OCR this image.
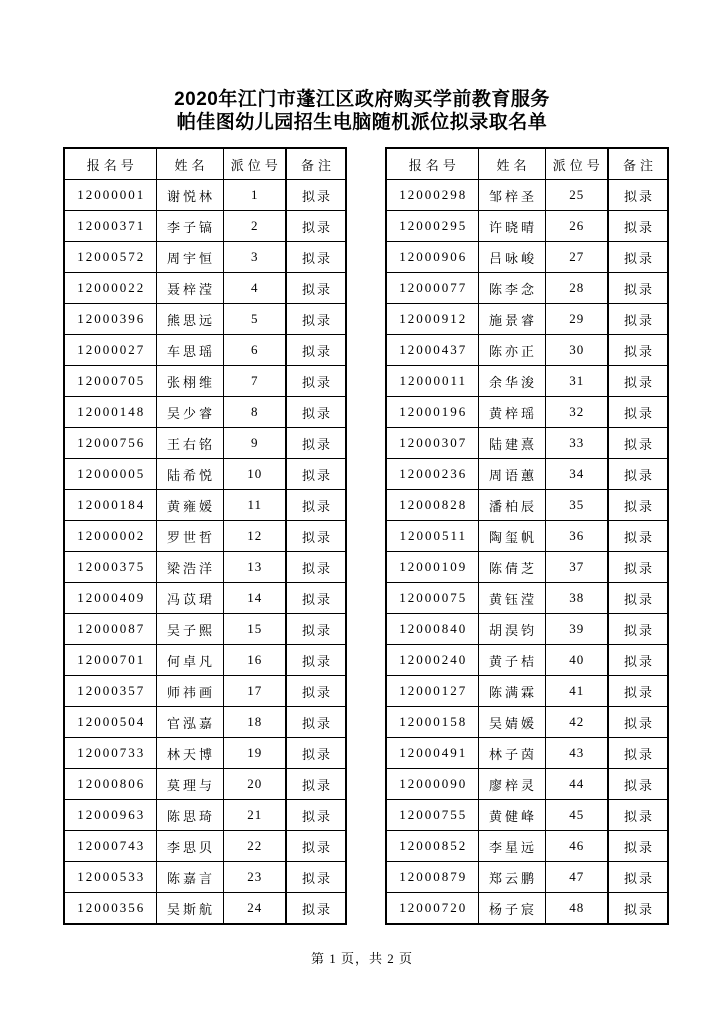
2020年江门市蓬江区政府购买学前教育服务
帕佳图幼儿园招生电脑随机派位拟录取名单
报名号	姓名	派位号	备注
12000001	谢悦林	1	拟录
12000371	李子镐	2	拟录
12000572	周宇恒	3	拟录
12000022	聂梓滢	4	拟录
12000396	熊思远	5	拟录
12000027	车思瑶	6	拟录
12000705	张栩维	7	拟录
12000148	吴少睿	8	拟录
12000756	王右铭	9	拟录
12000005	陆希悦	10	拟录
12000184	黄雍媛	11	拟录
12000002	罗世哲	12	拟录
12000375	梁浩洋	13	拟录
12000409	冯苡珺	14	拟录
12000087	吴子熙	15	拟录
12000701	何卓凡	16	拟录
12000357	师祎画	17	拟录
12000504	官泓嘉	18	拟录
12000733	林天博	19	拟录
12000806	莫理与	20	拟录
12000963	陈思琦	21	拟录
12000743	李思贝	22	拟录
12000533	陈嘉言	23	拟录
12000356	吴斯航	24	拟录
报名号	姓名	派位号	备注
12000298	邹梓圣	25	拟录
12000295	许晓晴	26	拟录
12000906	吕咏峻	27	拟录
12000077	陈李念	28	拟录
12000912	施景睿	29	拟录
12000437	陈亦正	30	拟录
12000011	余华浚	31	拟录
12000196	黄梓瑶	32	拟录
12000307	陆建熹	33	拟录
12000236	周语蕙	34	拟录
12000828	潘柏辰	35	拟录
12000511	陶玺帆	36	拟录
12000109	陈倩芝	37	拟录
12000075	黄钰滢	38	拟录
12000840	胡淏钧	39	拟录
12000240	黄子桔	40	拟录
12000127	陈满霖	41	拟录
12000158	吴婧媛	42	拟录
12000491	林子茵	43	拟录
12000090	廖梓灵	44	拟录
12000755	黄健峰	45	拟录
12000852	李星远	46	拟录
12000879	郑云鹏	47	拟录
12000720	杨子宸	48	拟录
第 1 页，共 2 页
